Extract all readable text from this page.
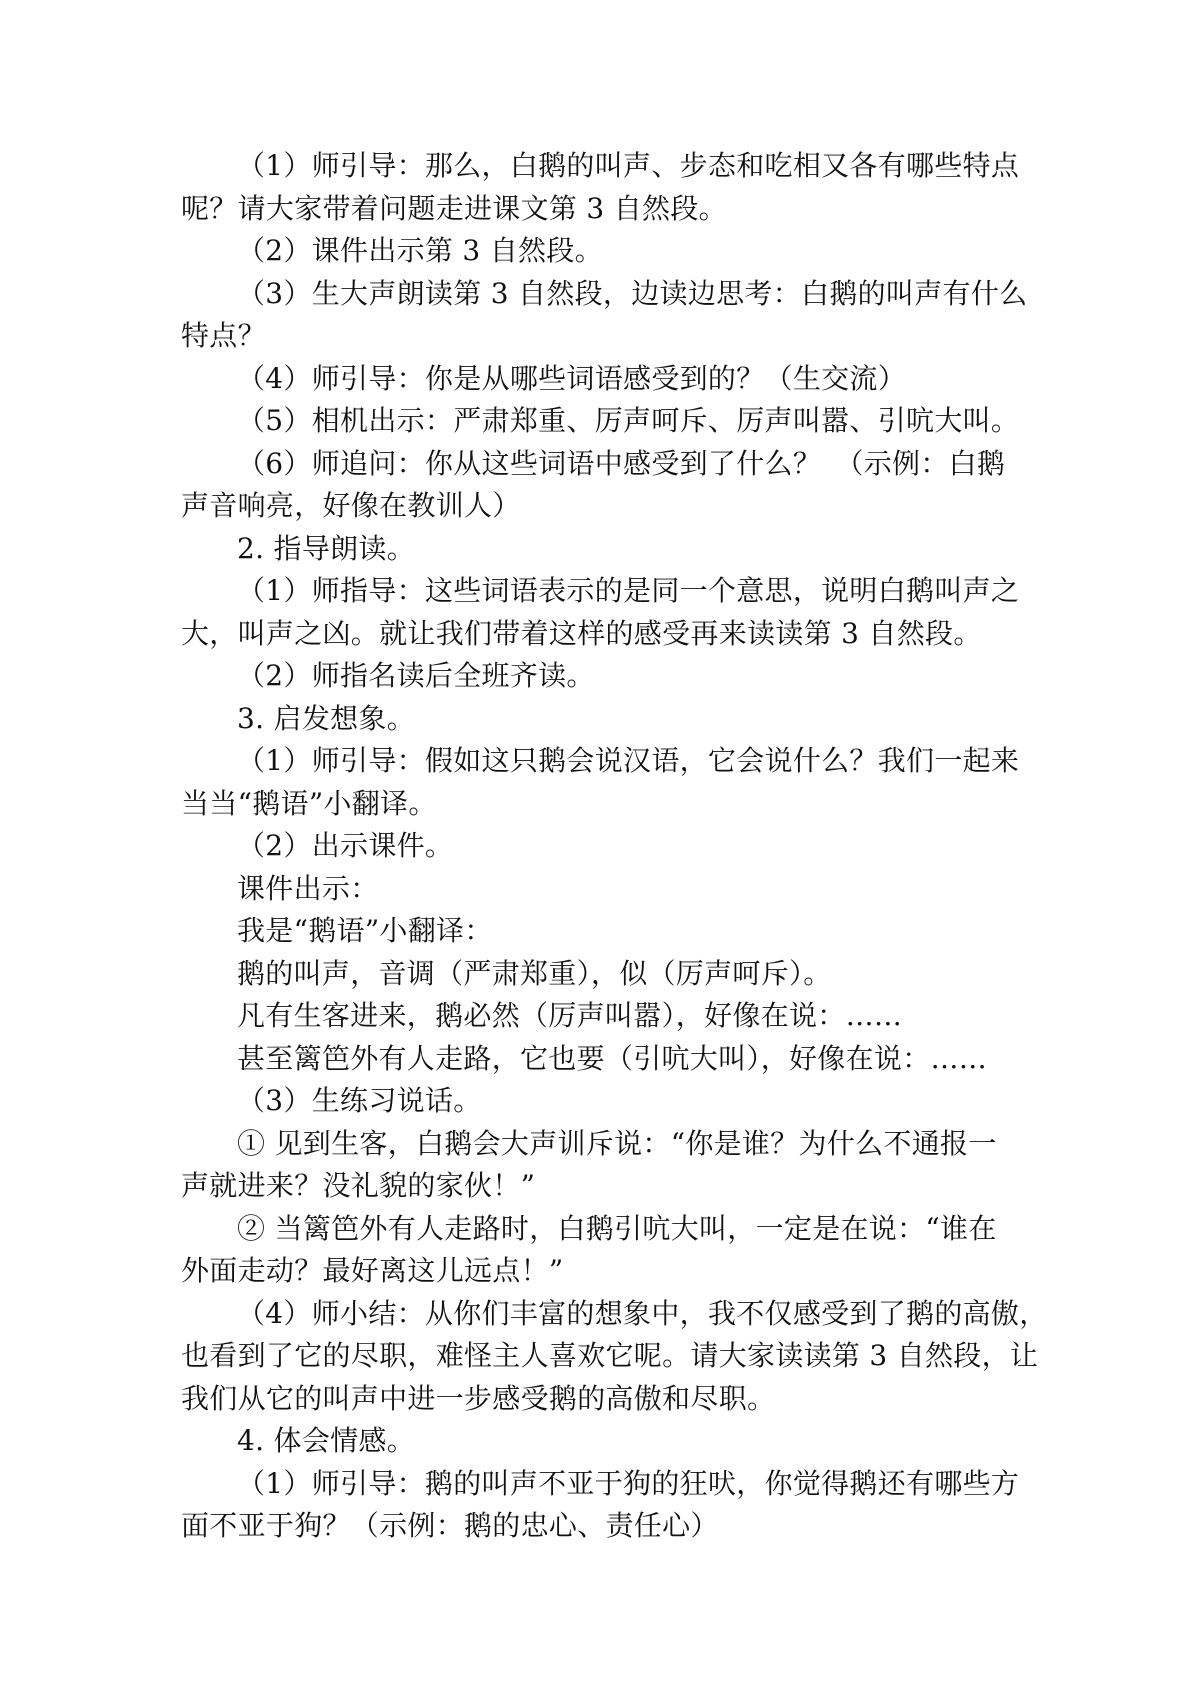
（1）师引导：那么，白鹅的叫声、步态和吃相又各有哪些特点
呢？请大家带着问题走进课文第 3 自然段。
（2）课件出示第 3 自然段。
（3）生大声朗读第 3 自然段，边读边思考：白鹅的叫声有什么
特点？
（4）师引导：你是从哪些词语感受到的？（生交流）
（5）相机出示：严肃郑重、厉声呵斥、厉声叫嚣、引吭大叫。
（6）师追问：你从这些词语中感受到了什么？　（示例：白鹅
声音响亮，好像在教训人）
2. 指导朗读。
（1）师指导：这些词语表示的是同一个意思，说明白鹅叫声之
大，叫声之凶。就让我们带着这样的感受再来读读第 3 自然段。
（2）师指名读后全班齐读。
3. 启发想象。
（1）师引导：假如这只鹅会说汉语，它会说什么？我们一起来
当当“鹅语”小翻译。
（2）出示课件。
课件出示：
我是“鹅语”小翻译：
鹅的叫声，音调（严肃郑重），似（厉声呵斥）。
凡有生客进来，鹅必然（厉声叫嚣），好像在说：……
甚至篱笆外有人走路，它也要（引吭大叫），好像在说：……
（3）生练习说话。
① 见到生客，白鹅会大声训斥说：“你是谁？为什么不通报一
声就进来？没礼貌的家伙！”
② 当篱笆外有人走路时，白鹅引吭大叫，一定是在说：“谁在
外面走动？最好离这儿远点！”
（4）师小结：从你们丰富的想象中，我不仅感受到了鹅的高傲，
也看到了它的尽职，难怪主人喜欢它呢。请大家读读第 3 自然段，让
我们从它的叫声中进一步感受鹅的高傲和尽职。
4. 体会情感。
（1）师引导：鹅的叫声不亚于狗的狂吠，你觉得鹅还有哪些方
面不亚于狗？（示例：鹅的忠心、责任心）
